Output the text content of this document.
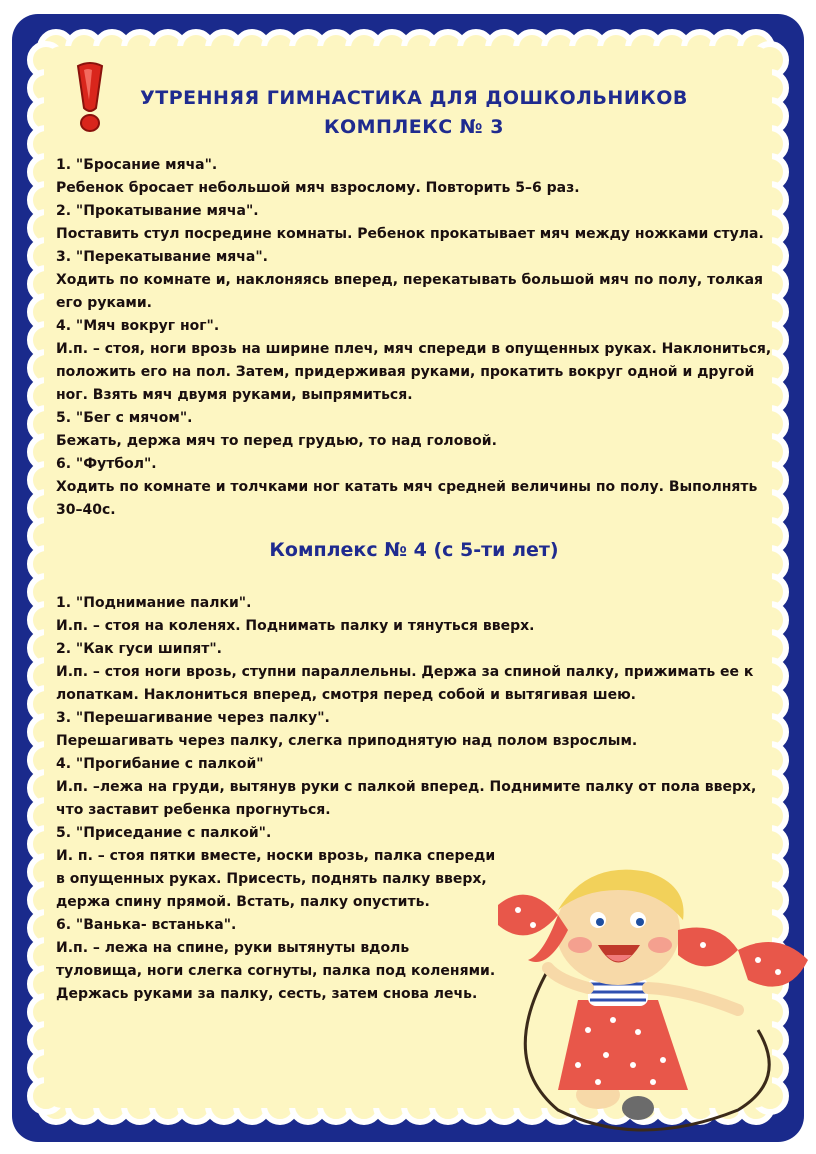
УТРЕННЯЯ ГИМНАСТИКА ДЛЯ ДОШКОЛЬНИКОВ
КОМПЛЕКС № 3

1. "Бросание мяча".

Ребенок бросает небольшой мяч взрослому. Повторить 5–6 раз.

2. "Прокатывание мяча".

Поставить стул посредине комнаты. Ребенок прокатывает мяч между ножками стула.

3. "Перекатывание мяча".

Ходить по комнате и, наклоняясь вперед, перекатывать большой мяч по полу, толкая его руками.

4. "Мяч вокруг ног".

И.п. – стоя, ноги врозь на ширине плеч, мяч спереди в опущенных руках. Наклониться, положить его на пол. Затем, придерживая руками, прокатить вокруг одной и другой ног. Взять мяч двумя руками, выпрямиться.

5. "Бег с мячом".

Бежать, держа мяч то перед грудью, то над головой.

6. "Футбол".

Ходить по комнате и толчками ног катать мяч средней величины по полу. Выполнять 30–40с.

Комплекс № 4 (с 5-ти лет)

1. "Поднимание палки".

И.п. – стоя на коленях. Поднимать палку и тянуться вверх.

2. "Как гуси шипят".

И.п. – стоя ноги врозь, ступни параллельны. Держа за спиной палку, прижимать ее к лопаткам. Наклониться вперед, смотря перед собой и вытягивая шею.

3. "Перешагивание через палку".

Перешагивать через палку, слегка приподнятую над полом взрослым.

4. "Прогибание с палкой"

И.п. –лежа на груди, вытянув руки с палкой вперед. Поднимите палку от пола вверх, что заставит ребенка прогнуться.

5. "Приседание с палкой".

И. п. – стоя пятки вместе, носки врозь, палка спереди в опущенных руках. Присесть, поднять палку вверх, держа спину прямой. Встать, палку опустить.

6. "Ванька- встанька".

И.п. – лежа на спине, руки вытянуты вдоль туловища, ноги слегка согнуты, палка под коленями. Держась руками за палку, сесть, затем снова лечь.
